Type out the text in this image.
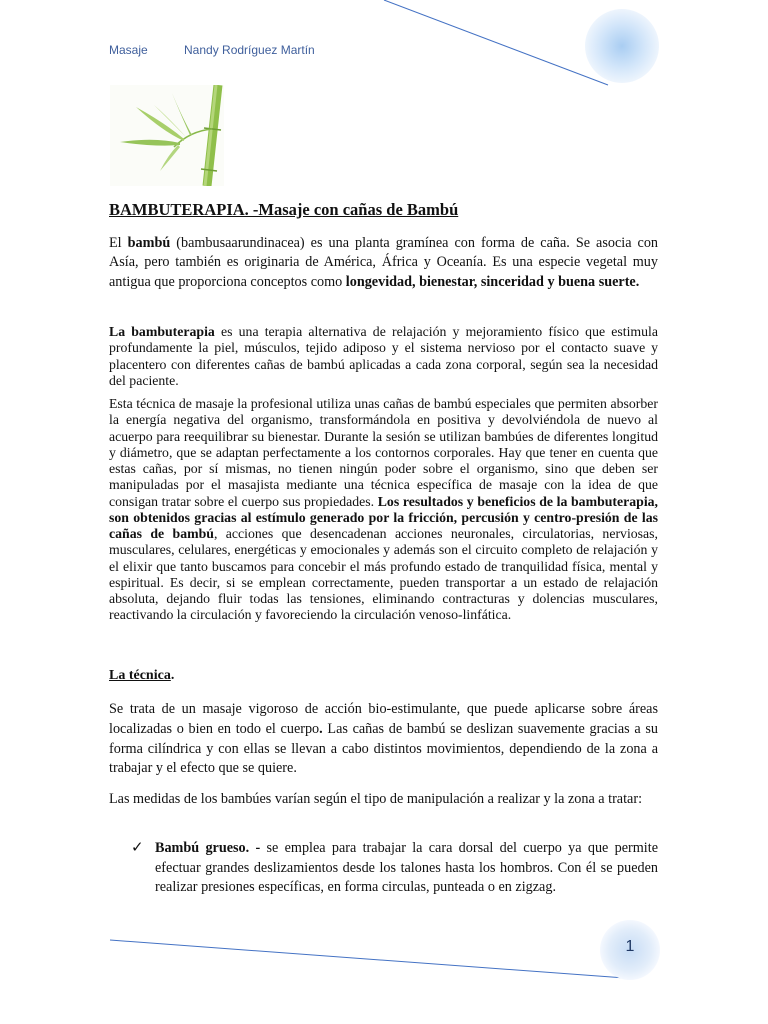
Masaje	Nandy Rodríguez Martín
BAMBUTERAPIA. -Masaje con cañas de Bambú

El bambú (bambusaarundinacea) es una planta gramínea con forma de caña. Se asocia con Asía, pero también es originaria de América, África y Oceanía. Es una especie vegetal muy antigua que proporciona conceptos como longevidad, bienestar, sinceridad y buena suerte.

La bambuterapia es una terapia alternativa de relajación y mejoramiento físico que estimula profundamente la piel, músculos, tejido adiposo y el sistema nervioso por el contacto suave y placentero con diferentes cañas de bambú aplicadas a cada zona corporal, según sea la necesidad del paciente.

Esta técnica de masaje la profesional utiliza unas cañas de bambú especiales que permiten absorber la energía negativa del organismo, transformándola en positiva y devolviéndola de nuevo al acuerpo para reequilibrar su bienestar. Durante la sesión se utilizan bambúes de diferentes longitud y diámetro, que se adaptan perfectamente a los contornos corporales. Hay que tener en cuenta que estas cañas, por sí mismas, no tienen ningún poder sobre el organismo, sino que deben ser manipuladas por el masajista mediante una técnica específica de masaje con la idea de que consigan tratar sobre el cuerpo sus propiedades. Los resultados y beneficios de la bambuterapia, son obtenidos gracias al estímulo generado por la fricción, percusión y centro-presión de las cañas de bambú, acciones que desencadenan acciones neuronales, circulatorias, nerviosas, musculares, celulares, energéticas y emocionales y además son el circuito completo de relajación y el elixir que tanto buscamos para concebir el más profundo estado de tranquilidad física, mental y espiritual. Es decir, si se emplean correctamente, pueden transportar a un estado de relajación absoluta, dejando fluir todas las tensiones, eliminando contracturas y dolencias musculares, reactivando la circulación y favoreciendo la circulación venoso-linfática.

La técnica.

Se trata de un masaje vigoroso de acción bio-estimulante, que puede aplicarse sobre áreas localizadas o bien en todo el cuerpo. Las cañas de bambú se deslizan suavemente gracias a su forma cilíndrica y con ellas se llevan a cabo distintos movimientos, dependiendo de la zona a trabajar y el efecto que se quiere.

Las medidas de los bambúes varían según el tipo de manipulación a realizar y la zona a tratar:

✓ Bambú grueso. - se emplea para trabajar la cara dorsal del cuerpo ya que permite efectuar grandes deslizamientos desde los talones hasta los hombros. Con él se pueden realizar presiones específicas, en forma circulas, punteada o en zigzag.

1
